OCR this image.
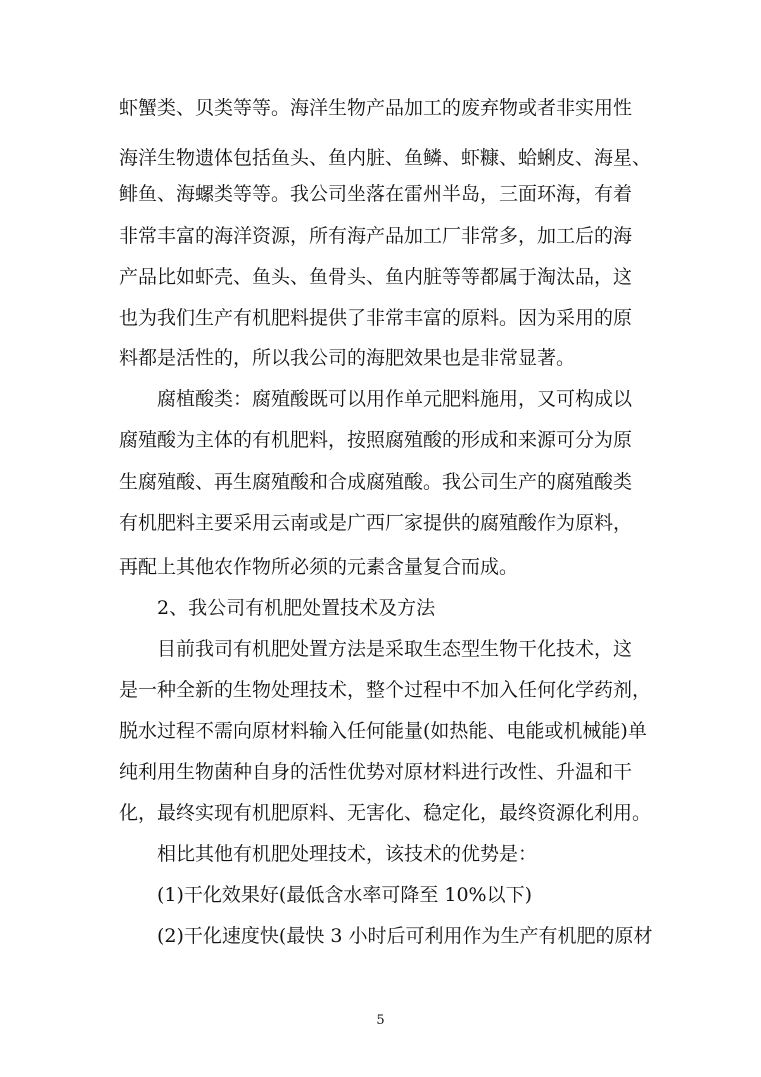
虾蟹类、贝类等等。海洋生物产品加工的废弃物或者非实用性
海洋生物遗体包括鱼头、鱼内脏、鱼鳞、虾糠、蛤蜊皮、海星、
鲱鱼、海螺类等等。我公司坐落在雷州半岛，三面环海，有着
非常丰富的海洋资源，所有海产品加工厂非常多，加工后的海
产品比如虾壳、鱼头、鱼骨头、鱼内脏等等都属于淘汰品，这
也为我们生产有机肥料提供了非常丰富的原料。因为采用的原
料都是活性的，所以我公司的海肥效果也是非常显著。
腐植酸类：腐殖酸既可以用作单元肥料施用，又可构成以
腐殖酸为主体的有机肥料，按照腐殖酸的形成和来源可分为原
生腐殖酸、再生腐殖酸和合成腐殖酸。我公司生产的腐殖酸类
有机肥料主要采用云南或是广西厂家提供的腐殖酸作为原料，
再配上其他农作物所必须的元素含量复合而成。
2、我公司有机肥处置技术及方法
目前我司有机肥处置方法是采取生态型生物干化技术，这
是一种全新的生物处理技术，整个过程中不加入任何化学药剂，
脱水过程不需向原材料输入任何能量(如热能、电能或机械能)单
纯利用生物菌种自身的活性优势对原材料进行改性、升温和干
化，最终实现有机肥原料、无害化、稳定化，最终资源化利用。
相比其他有机肥处理技术，该技术的优势是：
(1)干化效果好(最低含水率可降至 10%以下)
(2)干化速度快(最快 3 小时后可利用作为生产有机肥的原材
5
